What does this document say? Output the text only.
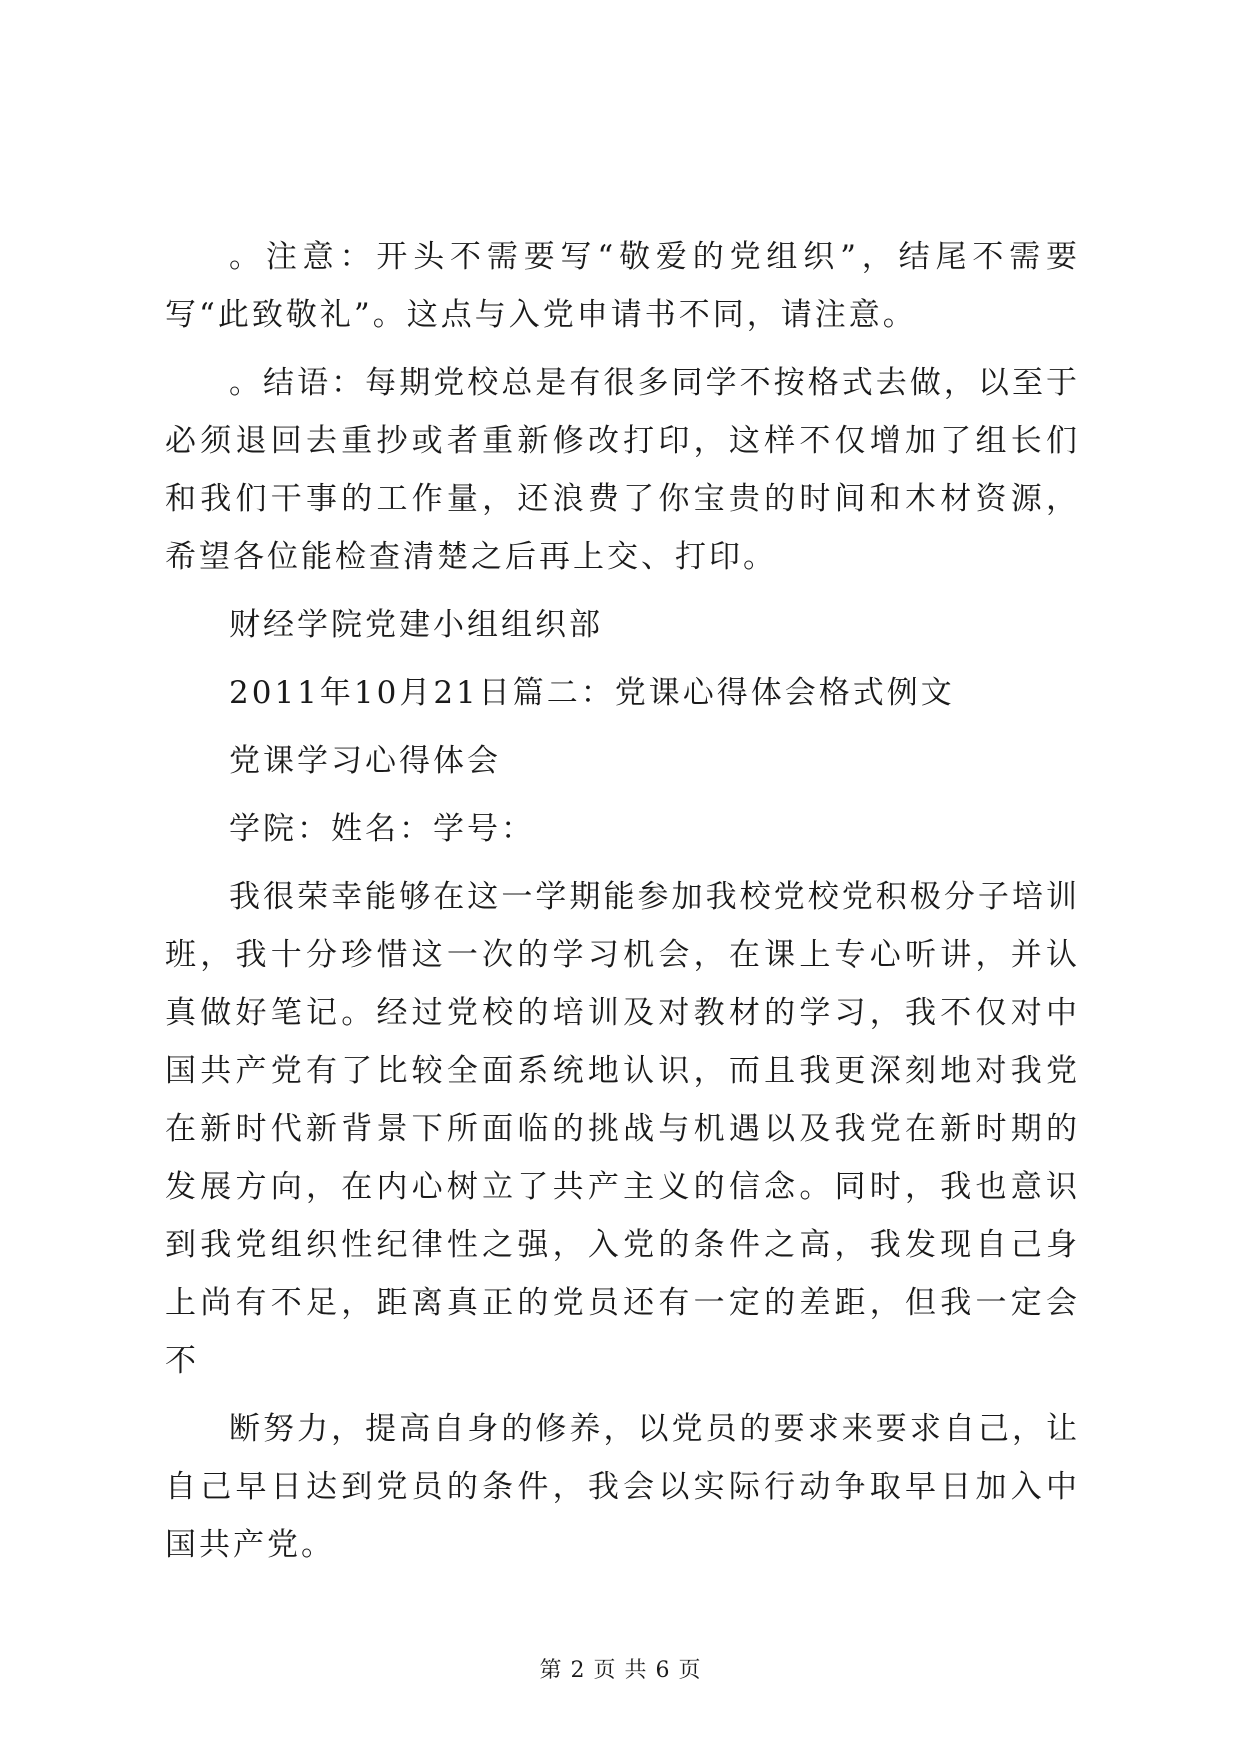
。注意：开头不需要写“敬爱的党组织”，结尾不需要写“此致敬礼”。这点与入党申请书不同，请注意。

。结语：每期党校总是有很多同学不按格式去做，以至于必须退回去重抄或者重新修改打印，这样不仅增加了组长们和我们干事的工作量，还浪费了你宝贵的时间和木材资源，希望各位能检查清楚之后再上交、打印。

财经学院党建小组组织部

2011年10月21日篇二：党课心得体会格式例文

党课学习心得体会

学院：姓名：学号：

我很荣幸能够在这一学期能参加我校党校党积极分子培训班，我十分珍惜这一次的学习机会，在课上专心听讲，并认真做好笔记。经过党校的培训及对教材的学习，我不仅对中国共产党有了比较全面系统地认识，而且我更深刻地对我党在新时代新背景下所面临的挑战与机遇以及我党在新时期的发展方向，在内心树立了共产主义的信念。同时，我也意识到我党组织性纪律性之强，入党的条件之高，我发现自己身上尚有不足，距离真正的党员还有一定的差距，但我一定会不

断努力，提高自身的修养，以党员的要求来要求自己，让自己早日达到党员的条件，我会以实际行动争取早日加入中国共产党。

第 2 页 共 6 页
